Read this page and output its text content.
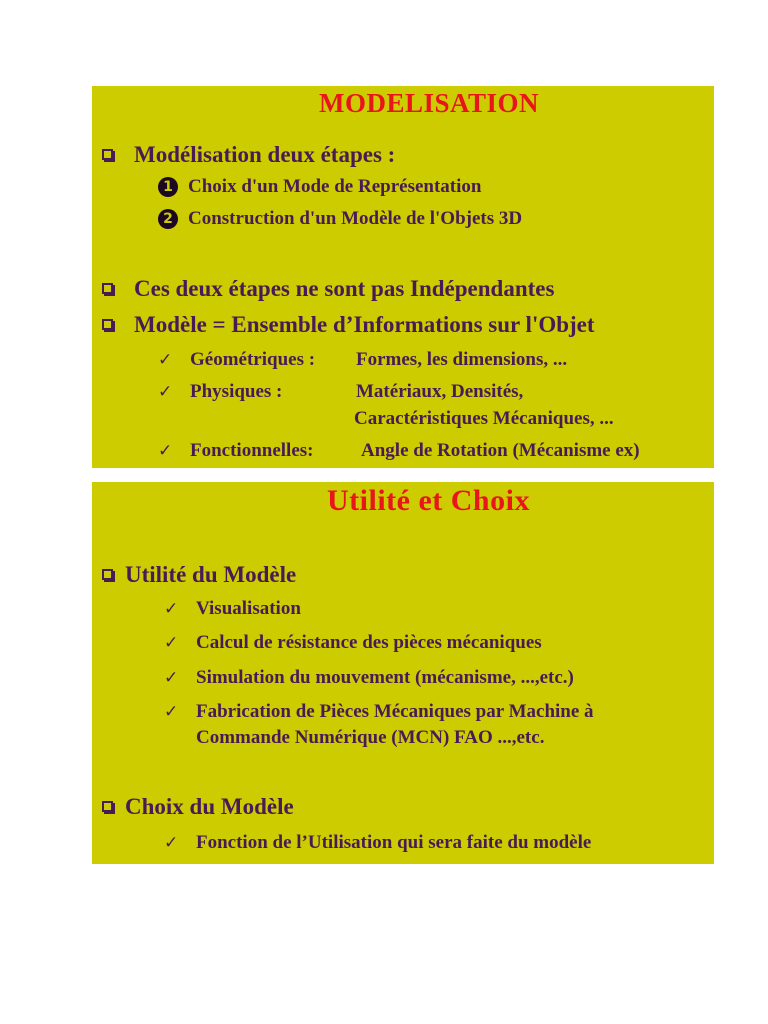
MODELISATION
Modélisation deux étapes :
1 Choix d'un Mode de Représentation
2 Construction d'un Modèle de l'Objets 3D
Ces deux étapes ne sont pas Indépendantes
Modèle = Ensemble d’Informations sur l'Objet
✓ Géométriques : Formes, les dimensions, ...
✓ Physiques :	Matériaux, Densités,
Caractéristiques Mécaniques, ...
✓ Fonctionnelles:	Angle de Rotation (Mécanisme ex)
Utilité et Choix
Utilité du Modèle
✓ Visualisation
✓ Calcul de résistance des pièces mécaniques
✓ Simulation du mouvement (mécanisme, ...,etc.)
✓ Fabrication de Pièces Mécaniques par Machine à
Commande Numérique (MCN) FAO ...,etc.
Choix du Modèle
✓ Fonction de l’Utilisation qui sera faite du modèle
